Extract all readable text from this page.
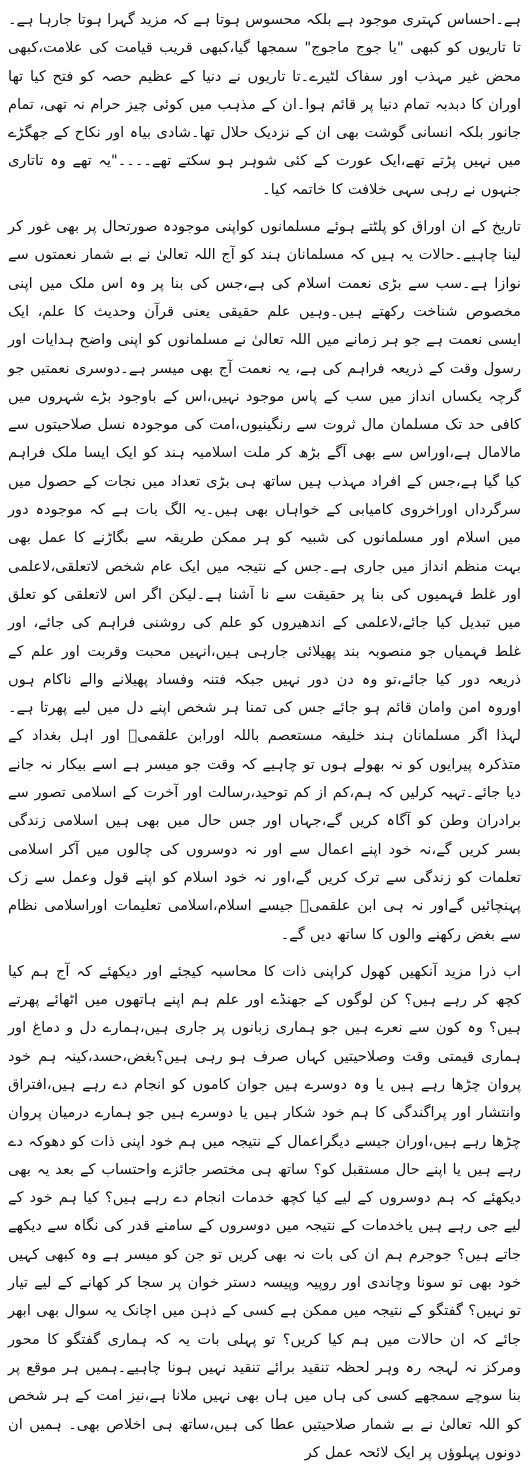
ہے۔احساس کہتری موجود ہے بلکہ محسوس ہوتا ہے کہ مزید گہرا ہوتا جارہا ہے۔تا تاریوں کو کبھی "یا جوج ماجوج" سمجھا گیا،کبھی قریب قیامت کی علامت،کبھی محض غیر مہذب اور سفاک لٹیرے۔تا تاریوں نے دنیا کے عظیم حصہ کو فتح کیا تھا اوران کا دبدبہ تمام دنیا پر قائم ہوا۔ان کے مذہب میں کوئی چیز حرام نہ تھی، تمام جانور بلکہ انسانی گوشت بھی ان کے نزدیک حلال تھا۔شادی بیاہ اور نکاح کے جھگڑے میں نہیں پڑتے تھے،ایک عورت کے کئی شوہر ہو سکتے تھے۔۔۔۔"یہ تھے وہ تاتاری جنہوں نے رہی سہی خلافت کا خاتمہ کیا۔

تاریخ کے ان اوراق کو پلٹتے ہوئے مسلمانوں کواپنی موجودہ صورتحال پر بھی غور کر لینا چاہیے۔حالات یہ ہیں کہ مسلمانان ہند کو آج اللہ تعالیٰ نے بے شمار نعمتوں سے نوازا ہے۔سب سے بڑی نعمت اسلام کی ہے،جس کی بنا پر وہ اس ملک میں اپنی مخصوص شناخت رکھتے ہیں۔وہیں علم حقیقی یعنی قرآن وحدیث کا علم، ایک ایسی نعمت ہے جو ہر زمانے میں اللہ تعالیٰ نے مسلمانوں کو اپنی واضح ہدایات اور رسول وقت کے ذریعہ فراہم کی ہے، یہ نعمت آج بھی میسر ہے۔دوسری نعمتیں جو گرچہ یکساں انداز میں سب کے پاس موجود نہیں،اس کے باوجود بڑے شہروں میں کافی حد تک مسلمان مال ثروت سے رنگینیوں،امت کی موجودہ نسل صلاحیتوں سے مالامال ہے،اوراس سے بھی آگے بڑھ کر ملت اسلامیہ ہند کو ایک ایسا ملک فراہم کیا گیا ہے،جس کے افراد مہذب ہیں ساتھ ہی بڑی تعداد میں نجات کے حصول میں سرگرداں اوراخروی کامیابی کے خواہاں بھی ہیں۔یہ الگ بات ہے کہ موجودہ دور میں اسلام اور مسلمانوں کی شبیہ کو ہر ممکن طریقہ سے بگاڑنے کا عمل بھی بہت منظم انداز میں جاری ہے۔جس کے نتیجہ میں ایک عام شخص لاتعلقی،لاعلمی اور غلط فہمیوں کی بنا پر حقیقت سے نا آشنا ہے۔لیکن اگر اس لاتعلقی کو تعلق میں تبدیل کیا جائے،لاعلمی کے اندھیروں کو علم کی روشنی فراہم کی جائے، اور غلط فہمیاں جو منصوبہ بند پھیلائی جارہی ہیں،انہیں محبت وقربت اور علم کے ذریعہ دور کیا جائے،تو وہ دن دور نہیں جبکہ فتنہ وفساد پھیلانے والے ناکام ہوں اوروہ امن وامان قائم ہو جائے جس کی تمنا ہر شخص اپنے دل میں لیے پھرتا ہے۔لہذا اگر مسلمانان ہند خلیفہ مستعصم باللہ اورابن علقمیؒ اور اہل بغداد کے متذکرہ پیرایوں کو نہ بھولے ہوں تو چاہیے کہ وقت جو میسر ہے اسے بیکار نہ جانے دیا جائے۔تہیہ کرلیں کہ ہم،کم از کم توحید،رسالت اور آخرت کے اسلامی تصور سے برادران وطن کو آگاہ کریں گے،جہاں اور جس حال میں بھی ہیں اسلامی زندگی بسر کریں گے،نہ خود اپنے اعمال سے اور نہ دوسروں کی چالوں میں آکر اسلامی تعلمات کو زندگی سے ترک کریں گے،اور نہ خود اسلام کو اپنے قول وعمل سے زک پہنچائیں گےاور نہ ہی ابن علقمیؒ جیسے اسلام،اسلامی تعلیمات اوراسلامی نظام سے بغض رکھنے والوں کا ساتھ دیں گے۔

اب ذرا مزید آنکھیں کھول کراپنی ذات کا محاسبہ کیجئے اور دیکھئے کہ آج ہم کیا کچھ کر رہے ہیں؟ کن لوگوں کے جھنڈے اور علم ہم اپنے ہاتھوں میں اٹھائے پھرتے ہیں؟ وہ کون سے نعرے ہیں جو ہماری زبانوں پر جاری ہیں،ہمارے دل و دماغ اور ہماری قیمتی وقت وصلاحیتیں کہاں صرف ہو رہی ہیں؟بغض،حسد،کینہ ہم خود پروان چڑھا رہے ہیں یا وہ دوسرے ہیں جوان کاموں کو انجام دے رہے ہیں،افتراق وانتشار اور پراگندگی کا ہم خود شکار ہیں یا دوسرے ہیں جو ہمارے درمیان پروان چڑھا رہے ہیں،اوران جیسے دیگراعمال کے نتیجہ میں ہم خود اپنی ذات کو دھوکہ دے رہے ہیں یا اپنے حال مستقبل کو؟ ساتھ ہی مختصر جائزے واحتساب کے بعد یہ بھی دیکھئے کہ ہم دوسروں کے لیے کیا کچھ خدمات انجام دے رہے ہیں؟ کیا ہم خود کے لیے جی رہے ہیں یاخدمات کے نتیجہ میں دوسروں کے سامنے قدر کی نگاہ سے دیکھے جاتے ہیں؟ جوجرم ہم ان کی بات نہ بھی کریں تو جن کو میسر ہے وہ کبھی کہیں خود بھی تو سونا وچاندی اور روپیہ وپیسہ دستر خوان پر سجا کر کھانے کے لیے تیار تو نہیں؟ گفتگو کے نتیجہ میں ممکن ہے کسی کے ذہن میں اچانک یہ سوال بھی ابھر جائے کہ ان حالات میں ہم کیا کریں؟ تو پہلی بات یہ کہ ہماری گفتگو کا محور ومرکز نہ لہجہ رہ وہر لحظہ تنقید برائے تنقید نہیں ہونا چاہیے۔ہمیں ہر موقع پر بنا سوچے سمجھے کسی کی ہاں میں ہاں بھی نہیں ملانا ہے،نیز امت کے ہر شخص کو اللہ تعالیٰ نے بے شمار صلاحیتیں عطا کی ہیں،ساتھ ہی اخلاص بھی۔ ہمیں ان دونوں پہلوؤں پر ایک لائحہ عمل کر
